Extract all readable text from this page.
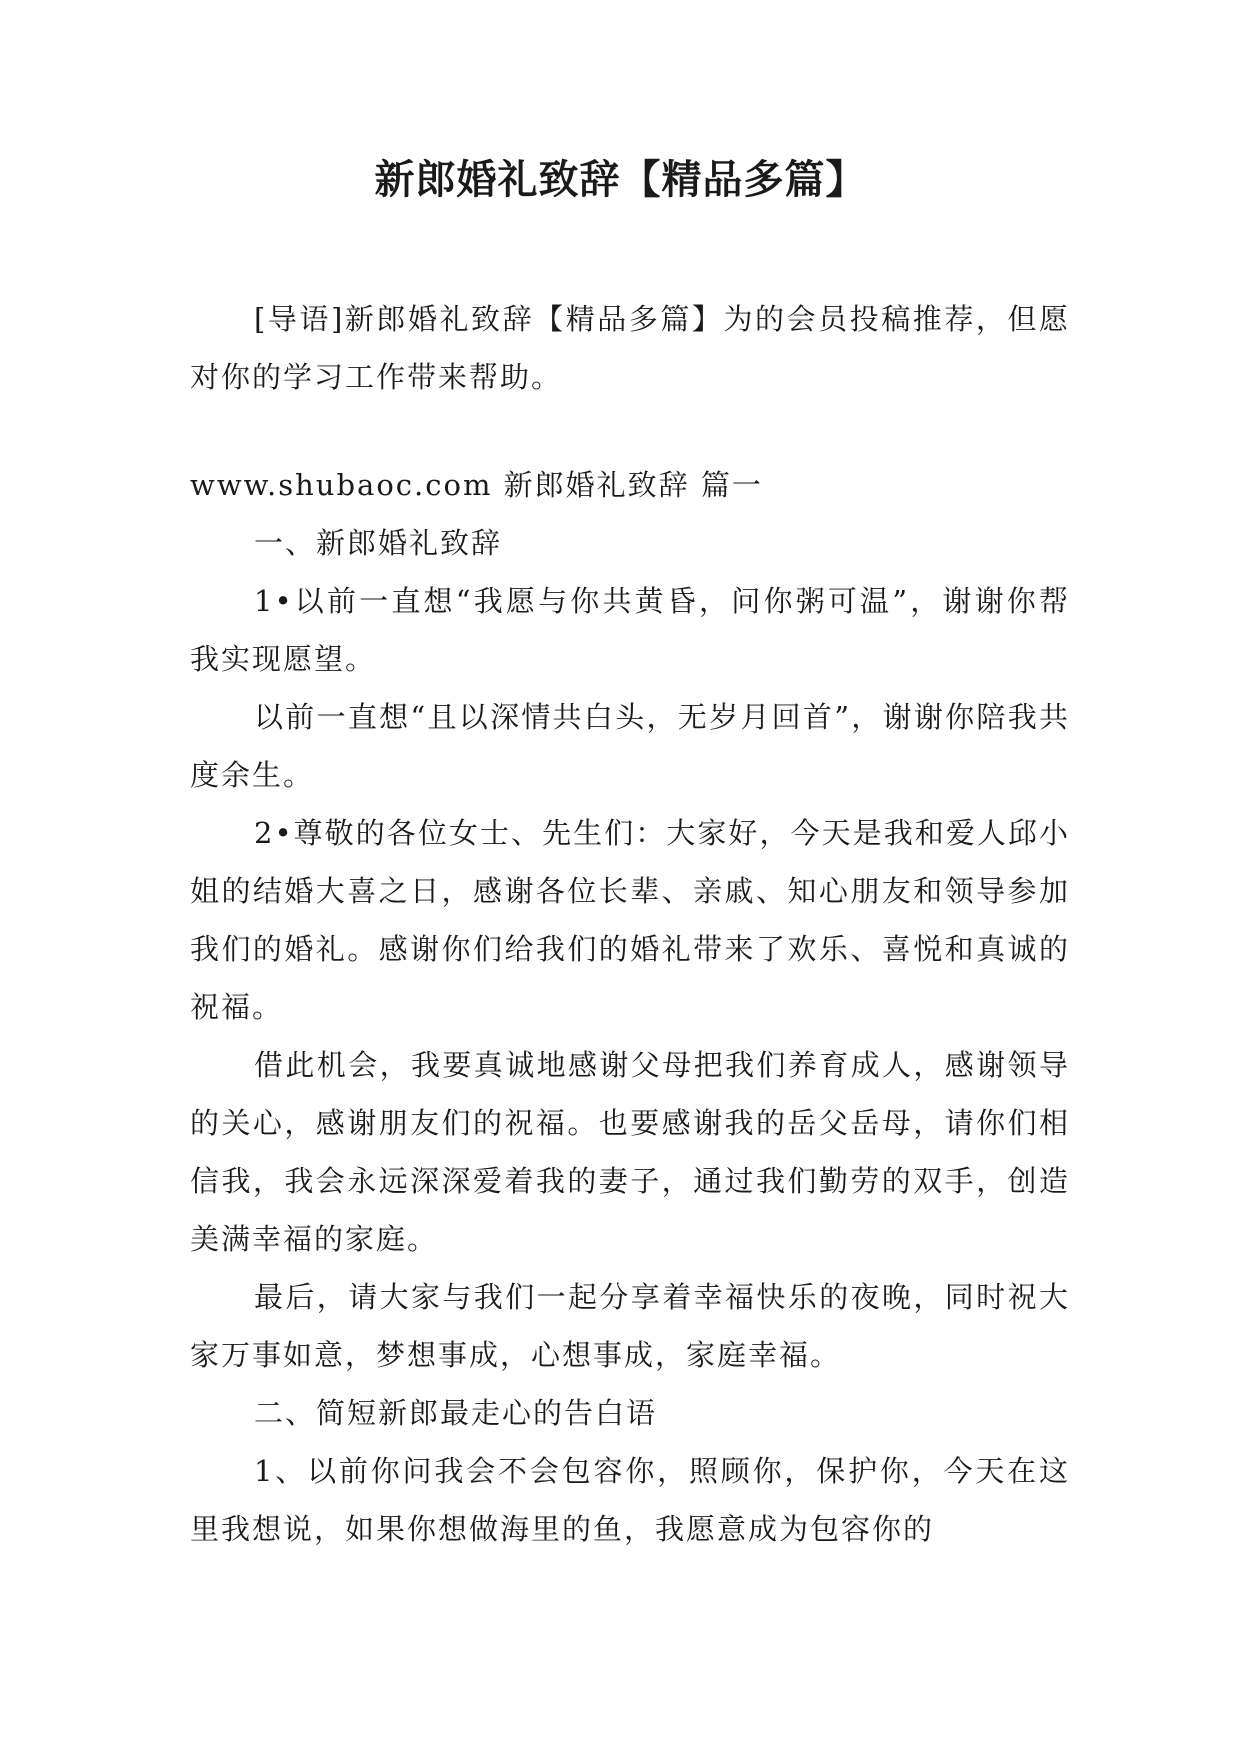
新郎婚礼致辞【精品多篇】

[导语]新郎婚礼致辞【精品多篇】为的会员投稿推荐，但愿对你的学习工作带来帮助。

www.shubaoc.com 新郎婚礼致辞 篇一

一、新郎婚礼致辞

1•以前一直想“我愿与你共黄昏，问你粥可温”，谢谢你帮我实现愿望。

以前一直想“且以深情共白头，无岁月回首”，谢谢你陪我共度余生。

2•尊敬的各位女士、先生们：大家好，今天是我和爱人邱小姐的结婚大喜之日，感谢各位长辈、亲戚、知心朋友和领导参加我们的婚礼。感谢你们给我们的婚礼带来了欢乐、喜悦和真诚的祝福。

借此机会，我要真诚地感谢父母把我们养育成人，感谢领导的关心，感谢朋友们的祝福。也要感谢我的岳父岳母，请你们相信我，我会永远深深爱着我的妻子，通过我们勤劳的双手，创造美满幸福的家庭。

最后，请大家与我们一起分享着幸福快乐的夜晚，同时祝大家万事如意，梦想事成，心想事成，家庭幸福。

二、简短新郎最走心的告白语

1、以前你问我会不会包容你，照顾你，保护你，今天在这里我想说，如果你想做海里的鱼，我愿意成为包容你的
